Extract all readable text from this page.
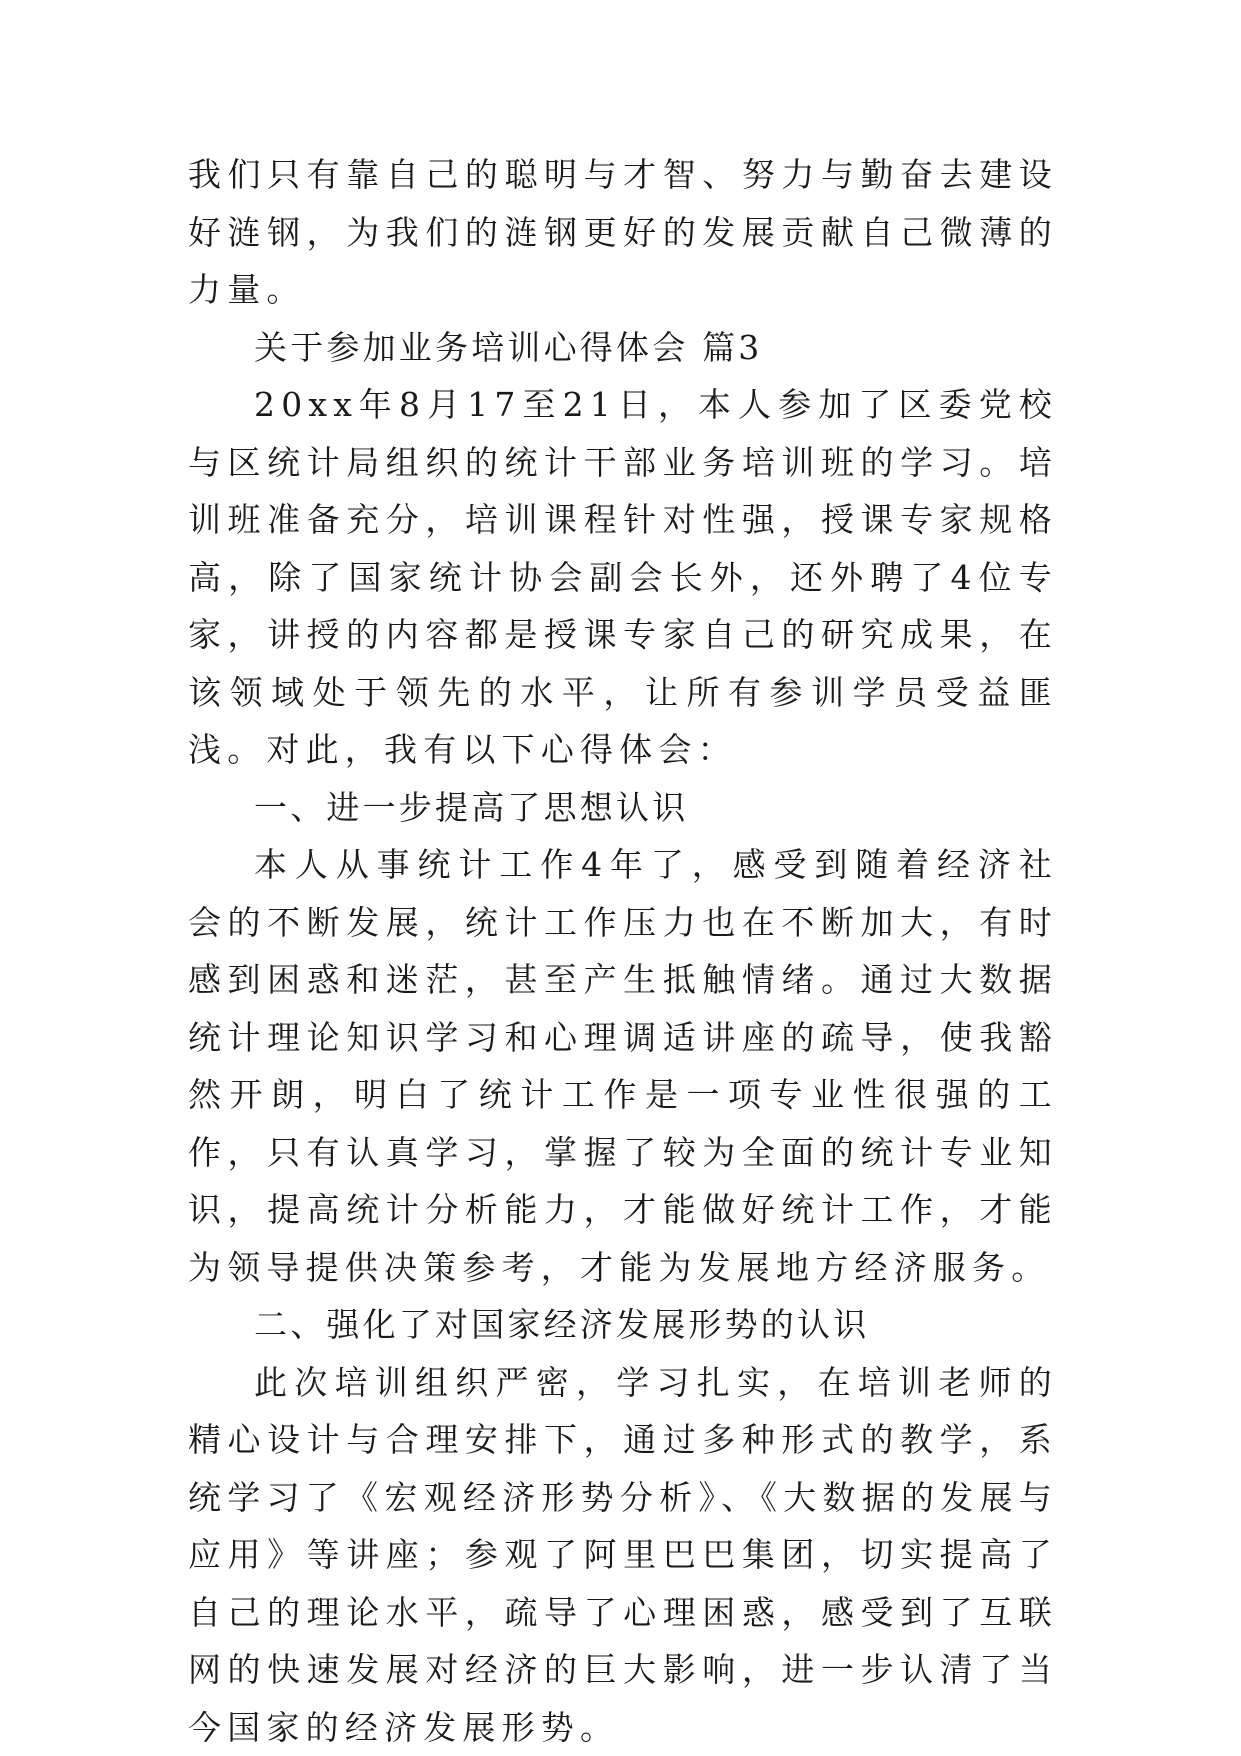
我们只有靠自己的聪明与才智、努力与勤奋去建设好涟钢，为我们的涟钢更好的发展贡献自己微薄的力量。

关于参加业务培训心得体会 篇3

20xx年8月17至21日，本人参加了区委党校与区统计局组织的统计干部业务培训班的学习。培训班准备充分，培训课程针对性强，授课专家规格高，除了国家统计协会副会长外，还外聘了4位专家，讲授的内容都是授课专家自己的研究成果，在该领域处于领先的水平，让所有参训学员受益匪浅。对此，我有以下心得体会：

一、进一步提高了思想认识

本人从事统计工作4年了，感受到随着经济社会的不断发展，统计工作压力也在不断加大，有时感到困惑和迷茫，甚至产生抵触情绪。通过大数据统计理论知识学习和心理调适讲座的疏导，使我豁然开朗，明白了统计工作是一项专业性很强的工作，只有认真学习，掌握了较为全面的统计专业知识，提高统计分析能力，才能做好统计工作，才能为领导提供决策参考，才能为发展地方经济服务。

二、强化了对国家经济发展形势的认识

此次培训组织严密，学习扎实，在培训老师的精心设计与合理安排下，通过多种形式的教学，系统学习了《宏观经济形势分析》、《大数据的发展与应用》等讲座；参观了阿里巴巴集团，切实提高了自己的理论水平，疏导了心理困惑，感受到了互联网的快速发展对经济的巨大影响，进一步认清了当今国家的经济发展形势。
